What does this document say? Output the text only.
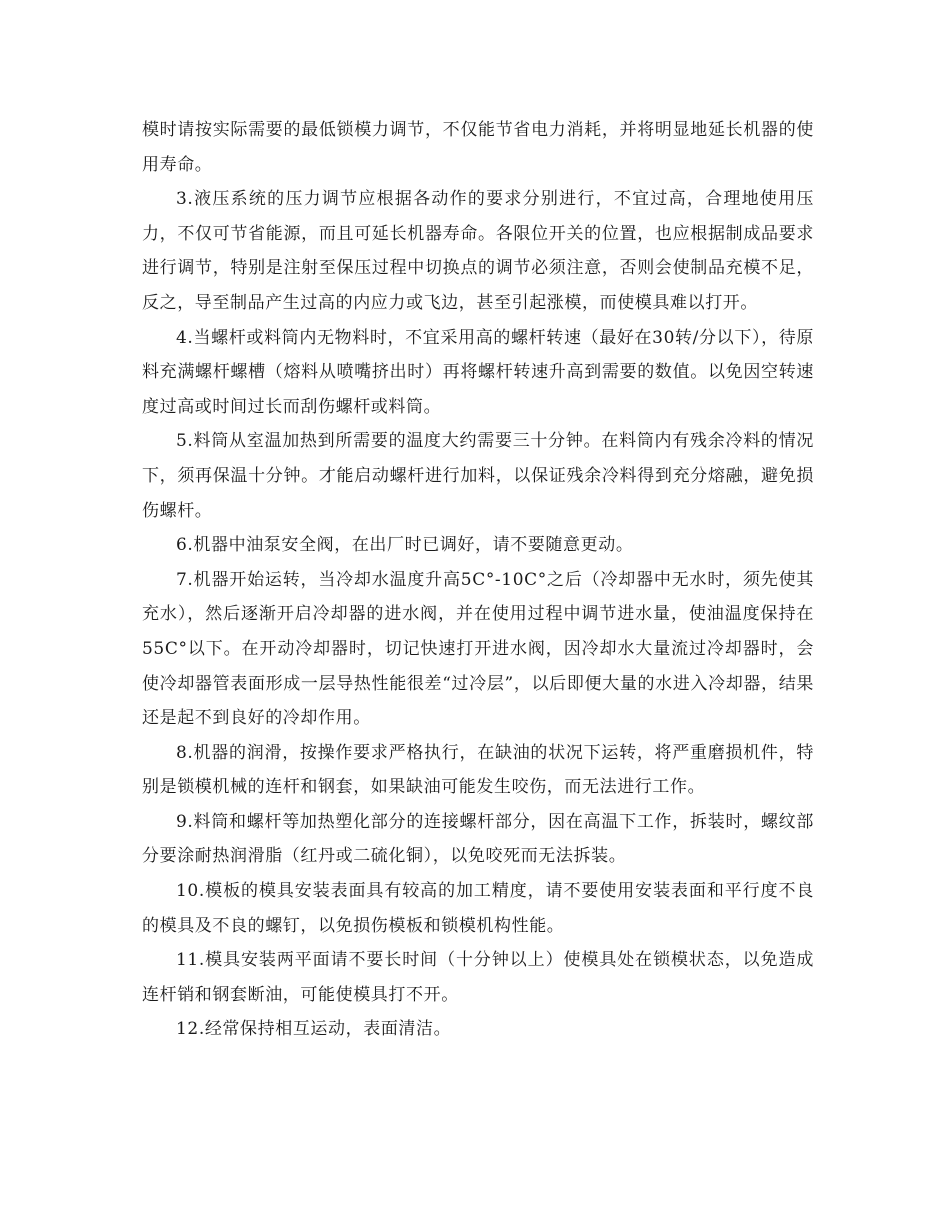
模时请按实际需要的最低锁模力调节，不仅能节省电力消耗，并将明显地延长机器的使用寿命。

3.液压系统的压力调节应根据各动作的要求分别进行，不宜过高，合理地使用压力，不仅可节省能源，而且可延长机器寿命。各限位开关的位置，也应根据制成品要求进行调节，特别是注射至保压过程中切换点的调节必须注意，否则会使制品充模不足，反之，导至制品产生过高的内应力或飞边，甚至引起涨模，而使模具难以打开。

4.当螺杆或料筒内无物料时，不宜采用高的螺杆转速（最好在30转/分以下），待原料充满螺杆螺槽（熔料从喷嘴挤出时）再将螺杆转速升高到需要的数值。以免因空转速度过高或时间过长而刮伤螺杆或料筒。

5.料筒从室温加热到所需要的温度大约需要三十分钟。在料筒内有残余冷料的情况下，须再保温十分钟。才能启动螺杆进行加料，以保证残余冷料得到充分熔融，避免损伤螺杆。

6.机器中油泵安全阀，在出厂时已调好，请不要随意更动。

7.机器开始运转，当冷却水温度升高5C°-10C°之后（冷却器中无水时，须先使其充水），然后逐渐开启冷却器的进水阀，并在使用过程中调节进水量，使油温度保持在55C°以下。在开动冷却器时，切记快速打开进水阀，因冷却水大量流过冷却器时，会使冷却器管表面形成一层导热性能很差“过冷层”，以后即便大量的水进入冷却器，结果还是起不到良好的冷却作用。

8.机器的润滑，按操作要求严格执行，在缺油的状况下运转，将严重磨损机件，特别是锁模机械的连杆和钢套，如果缺油可能发生咬伤，而无法进行工作。

9.料筒和螺杆等加热塑化部分的连接螺杆部分，因在高温下工作，拆装时，螺纹部分要涂耐热润滑脂（红丹或二硫化铜），以免咬死而无法拆装。

10.模板的模具安装表面具有较高的加工精度，请不要使用安装表面和平行度不良的模具及不良的螺钉，以免损伤模板和锁模机构性能。

11.模具安装两平面请不要长时间（十分钟以上）使模具处在锁模状态，以免造成连杆销和钢套断油，可能使模具打不开。

12.经常保持相互运动，表面清洁。
